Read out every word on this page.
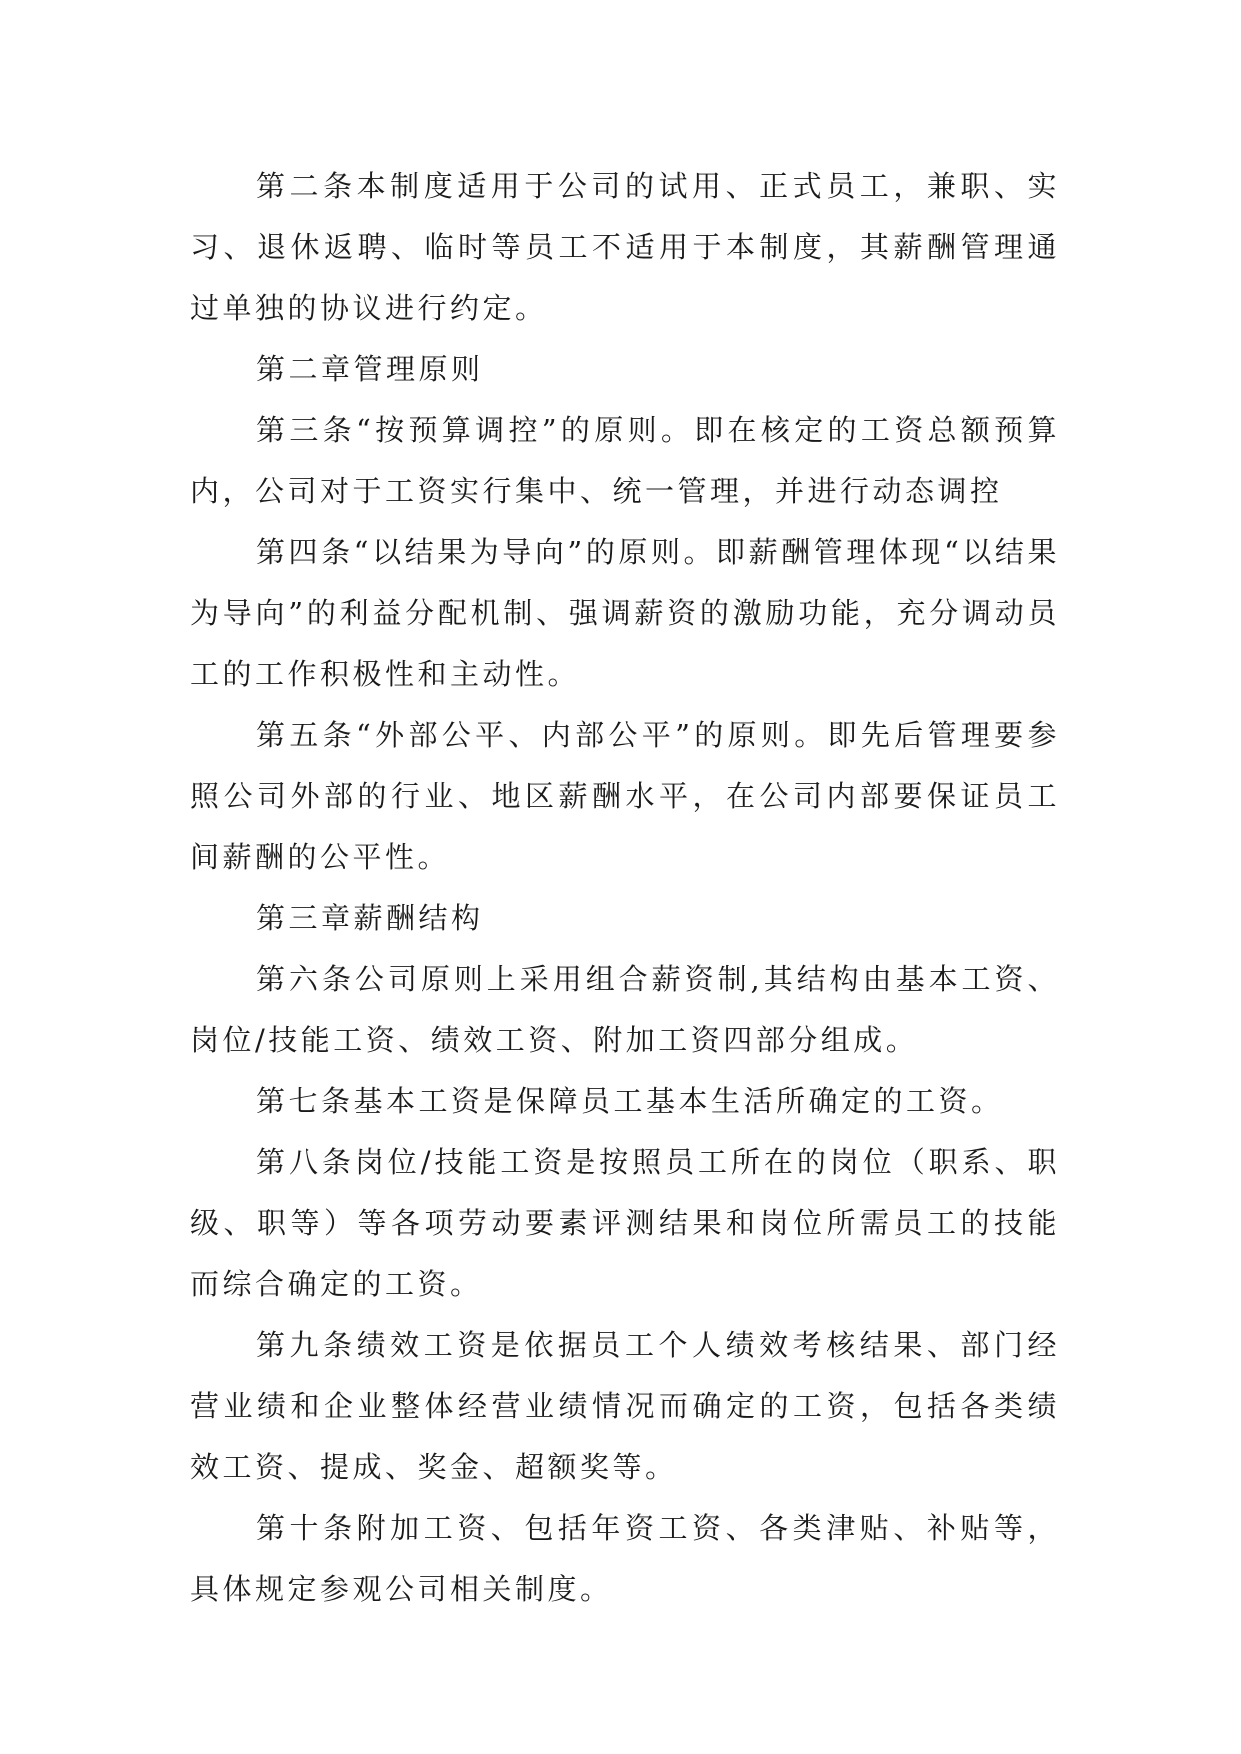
第二条本制度适用于公司的试用、正式员工，兼职、实习、退休返聘、临时等员工不适用于本制度，其薪酬管理通过单独的协议进行约定。

第二章管理原则

第三条“按预算调控”的原则。即在核定的工资总额预算内，公司对于工资实行集中、统一管理，并进行动态调控

第四条“以结果为导向”的原则。即薪酬管理体现“以结果为导向”的利益分配机制、强调薪资的激励功能，充分调动员工的工作积极性和主动性。

第五条“外部公平、内部公平”的原则。即先后管理要参照公司外部的行业、地区薪酬水平，在公司内部要保证员工间薪酬的公平性。

第三章薪酬结构

第六条公司原则上采用组合薪资制,其结构由基本工资、岗位/技能工资、绩效工资、附加工资四部分组成。

第七条基本工资是保障员工基本生活所确定的工资。

第八条岗位/技能工资是按照员工所在的岗位（职系、职级、职等）等各项劳动要素评测结果和岗位所需员工的技能而综合确定的工资。

第九条绩效工资是依据员工个人绩效考核结果、部门经营业绩和企业整体经营业绩情况而确定的工资，包括各类绩效工资、提成、奖金、超额奖等。

第十条附加工资、包括年资工资、各类津贴、补贴等，具体规定参观公司相关制度。
